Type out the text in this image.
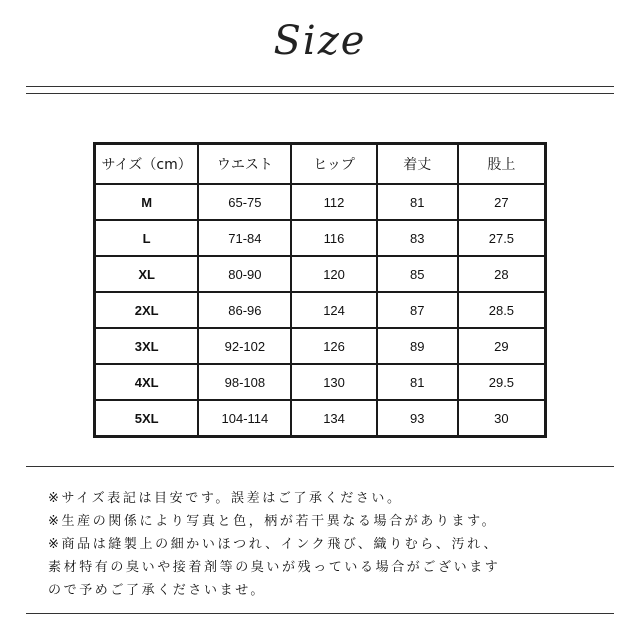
Size
サイズ（cm）	ウエスト	ヒップ	着丈	股上
M	65-75	112	81	27
L	71-84	116	83	27.5
XL	80-90	120	85	28
2XL	86-96	124	87	28.5
3XL	92-102	126	89	29
4XL	98-108	130	81	29.5
5XL	104-114	134	93	30
※サイズ表記は目安です。誤差はご了承ください。
※生産の関係により写真と色，柄が若干異なる場合があります。
※商品は縫製上の細かいほつれ、インク飛び、織りむら、汚れ、
素材特有の臭いや接着剤等の臭いが残っている場合がございます
ので予めご了承くださいませ。
